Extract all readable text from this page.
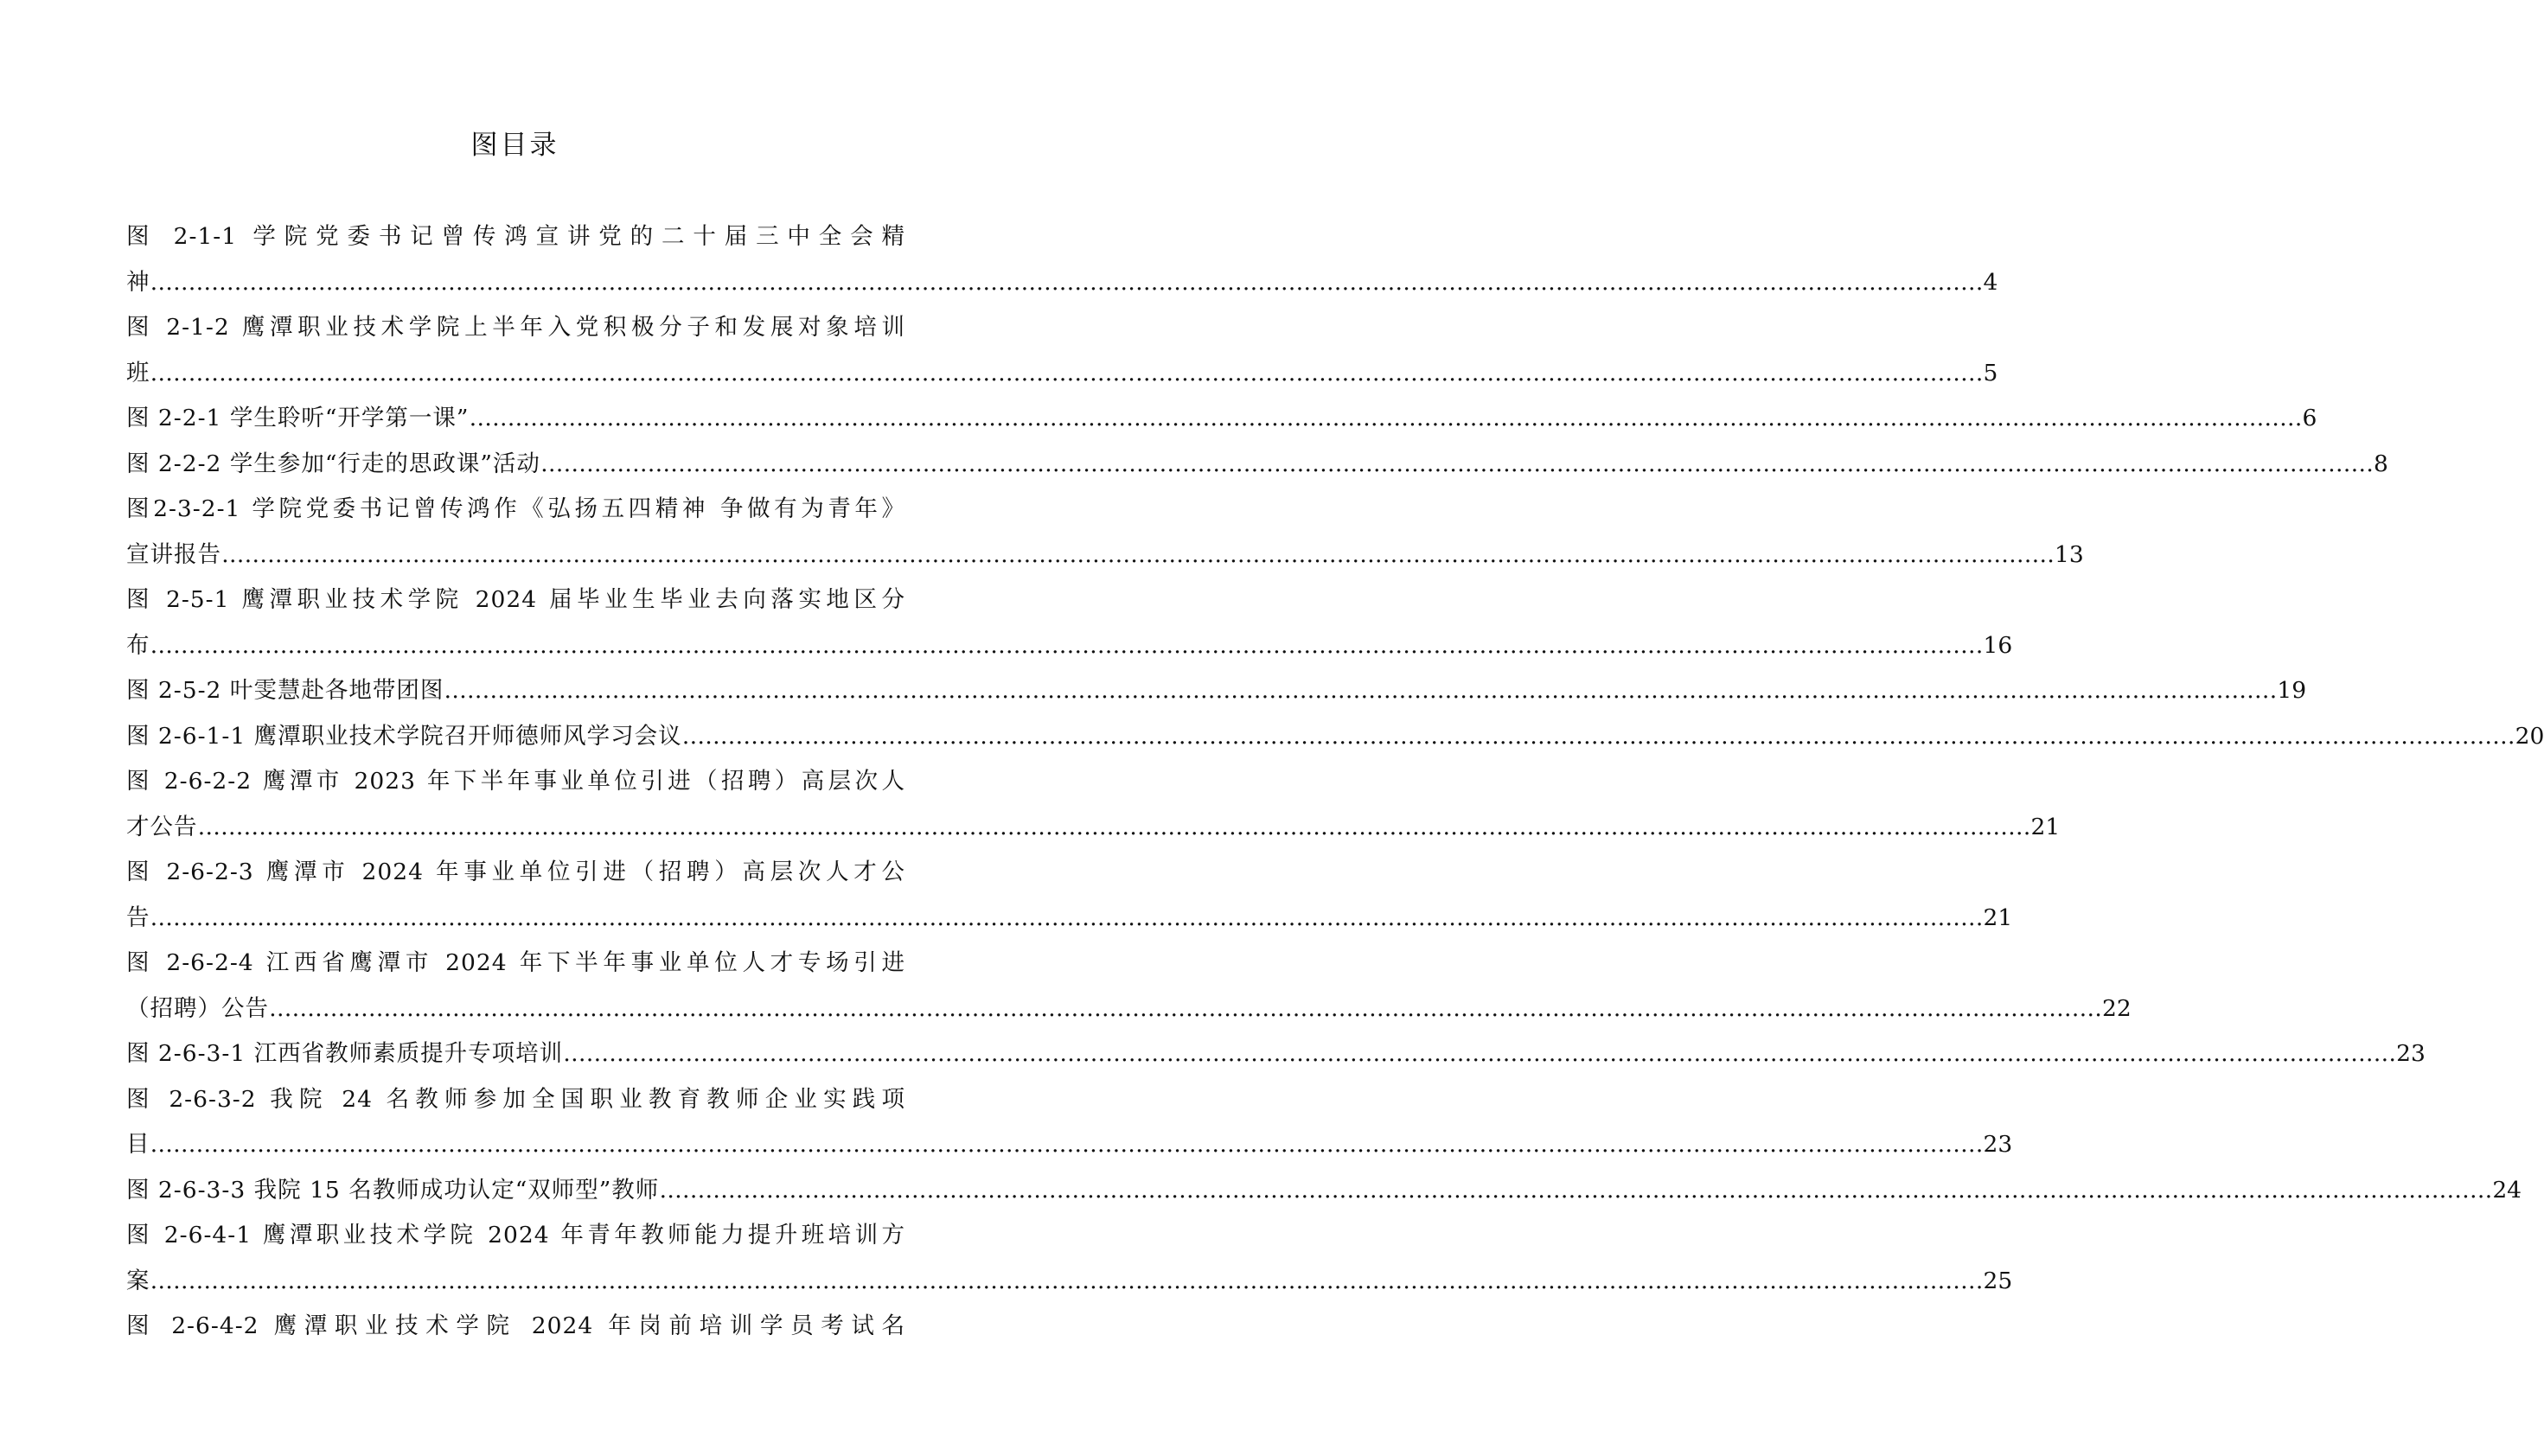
图目录
图 2-1-1 学院党委书记曾传鸿宣讲党的二十届三中全会精
神 …………………………………………………………………………………………………………………………………………………………………………………………………………………… 4
图 2-1-2 鹰潭职业技术学院上半年入党积极分子和发展对象培训
班 …………………………………………………………………………………………………………………………………………………………………………………………………………………… 5
图 2-2-1 学生聆听“开学第一课” …………………………………………………………………………………………………………………………………………………………………………………………………………………… 6
图 2-2-2 学生参加“行走的思政课”活动 …………………………………………………………………………………………………………………………………………………………………………………………………………………… 8
图2-3-2-1 学院党委书记曾传鸿作《弘扬五四精神 争做有为青年》
宣讲报告 …………………………………………………………………………………………………………………………………………………………………………………………………………………… 13
图 2-5-1 鹰潭职业技术学院 2024 届毕业生毕业去向落实地区分
布 …………………………………………………………………………………………………………………………………………………………………………………………………………………… 16
图 2-5-2 叶雯慧赴各地带团图 …………………………………………………………………………………………………………………………………………………………………………………………………………………… 19
图 2-6-1-1 鹰潭职业技术学院召开师德师风学习会议 …………………………………………………………………………………………………………………………………………………………………………………………………………………… 20
图 2-6-2-2 鹰潭市 2023 年下半年事业单位引进（招聘）高层次人
才公告 …………………………………………………………………………………………………………………………………………………………………………………………………………………… 21
图 2-6-2-3 鹰潭市 2024 年事业单位引进（招聘）高层次人才公
告 …………………………………………………………………………………………………………………………………………………………………………………………………………………… 21
图 2-6-2-4 江西省鹰潭市 2024 年下半年事业单位人才专场引进
（招聘）公告 …………………………………………………………………………………………………………………………………………………………………………………………………………………… 22
图 2-6-3-1 江西省教师素质提升专项培训 …………………………………………………………………………………………………………………………………………………………………………………………………………………… 23
图 2-6-3-2 我院 24 名教师参加全国职业教育教师企业实践项
目 …………………………………………………………………………………………………………………………………………………………………………………………………………………… 23
图 2-6-3-3 我院 15 名教师成功认定“双师型”教师 …………………………………………………………………………………………………………………………………………………………………………………………………………………… 24
图 2-6-4-1 鹰潭职业技术学院 2024 年青年教师能力提升班培训方
案 …………………………………………………………………………………………………………………………………………………………………………………………………………………… 25
图 2-6-4-2 鹰潭职业技术学院 2024 年岗前培训学员考试名
